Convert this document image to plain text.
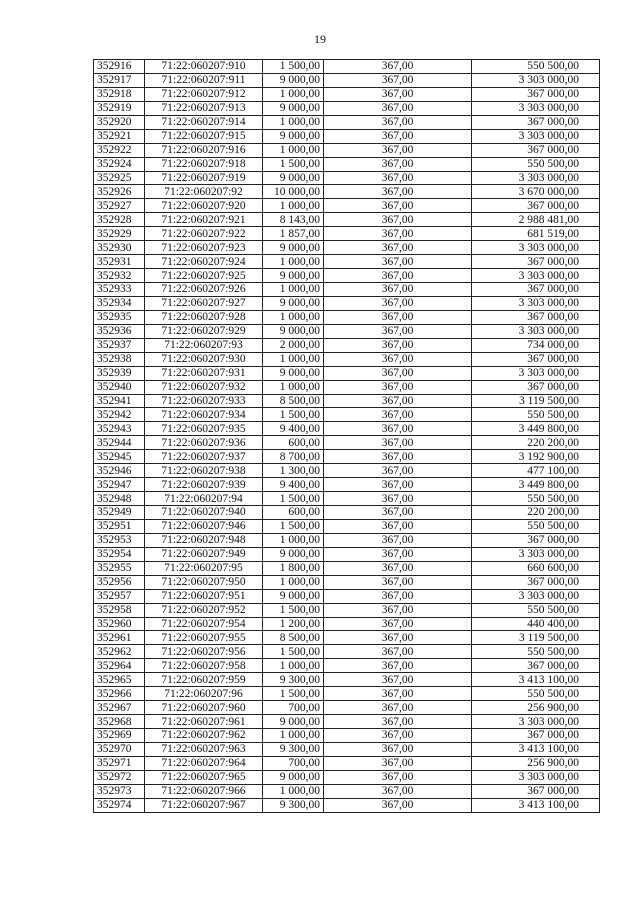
19
352916	71:22:060207:910	1 500,00	367,00	550 500,00
352917	71:22:060207:911	9 000,00	367,00	3 303 000,00
352918	71:22:060207:912	1 000,00	367,00	367 000,00
352919	71:22:060207:913	9 000,00	367,00	3 303 000,00
352920	71:22:060207:914	1 000,00	367,00	367 000,00
352921	71:22:060207:915	9 000,00	367,00	3 303 000,00
352922	71:22:060207:916	1 000,00	367,00	367 000,00
352924	71:22:060207:918	1 500,00	367,00	550 500,00
352925	71:22:060207:919	9 000,00	367,00	3 303 000,00
352926	71:22:060207:92	10 000,00	367,00	3 670 000,00
352927	71:22:060207:920	1 000,00	367,00	367 000,00
352928	71:22:060207:921	8 143,00	367,00	2 988 481,00
352929	71:22:060207:922	1 857,00	367,00	681 519,00
352930	71:22:060207:923	9 000,00	367,00	3 303 000,00
352931	71:22:060207:924	1 000,00	367,00	367 000,00
352932	71:22:060207:925	9 000,00	367,00	3 303 000,00
352933	71:22:060207:926	1 000,00	367,00	367 000,00
352934	71:22:060207:927	9 000,00	367,00	3 303 000,00
352935	71:22:060207:928	1 000,00	367,00	367 000,00
352936	71:22:060207:929	9 000,00	367,00	3 303 000,00
352937	71:22:060207:93	2 000,00	367,00	734 000,00
352938	71:22:060207:930	1 000,00	367,00	367 000,00
352939	71:22:060207:931	9 000,00	367,00	3 303 000,00
352940	71:22:060207:932	1 000,00	367,00	367 000,00
352941	71:22:060207:933	8 500,00	367,00	3 119 500,00
352942	71:22:060207:934	1 500,00	367,00	550 500,00
352943	71:22:060207:935	9 400,00	367,00	3 449 800,00
352944	71:22:060207:936	600,00	367,00	220 200,00
352945	71:22:060207:937	8 700,00	367,00	3 192 900,00
352946	71:22:060207:938	1 300,00	367,00	477 100,00
352947	71:22:060207:939	9 400,00	367,00	3 449 800,00
352948	71:22:060207:94	1 500,00	367,00	550 500,00
352949	71:22:060207:940	600,00	367,00	220 200,00
352951	71:22:060207:946	1 500,00	367,00	550 500,00
352953	71:22:060207:948	1 000,00	367,00	367 000,00
352954	71:22:060207:949	9 000,00	367,00	3 303 000,00
352955	71:22:060207:95	1 800,00	367,00	660 600,00
352956	71:22:060207:950	1 000,00	367,00	367 000,00
352957	71:22:060207:951	9 000,00	367,00	3 303 000,00
352958	71:22:060207:952	1 500,00	367,00	550 500,00
352960	71:22:060207:954	1 200,00	367,00	440 400,00
352961	71:22:060207:955	8 500,00	367,00	3 119 500,00
352962	71:22:060207:956	1 500,00	367,00	550 500,00
352964	71:22:060207:958	1 000,00	367,00	367 000,00
352965	71:22:060207:959	9 300,00	367,00	3 413 100,00
352966	71:22:060207:96	1 500,00	367,00	550 500,00
352967	71:22:060207:960	700,00	367,00	256 900,00
352968	71:22:060207:961	9 000,00	367,00	3 303 000,00
352969	71:22:060207:962	1 000,00	367,00	367 000,00
352970	71:22:060207:963	9 300,00	367,00	3 413 100,00
352971	71:22:060207:964	700,00	367,00	256 900,00
352972	71:22:060207:965	9 000,00	367,00	3 303 000,00
352973	71:22:060207:966	1 000,00	367,00	367 000,00
352974	71:22:060207:967	9 300,00	367,00	3 413 100,00
